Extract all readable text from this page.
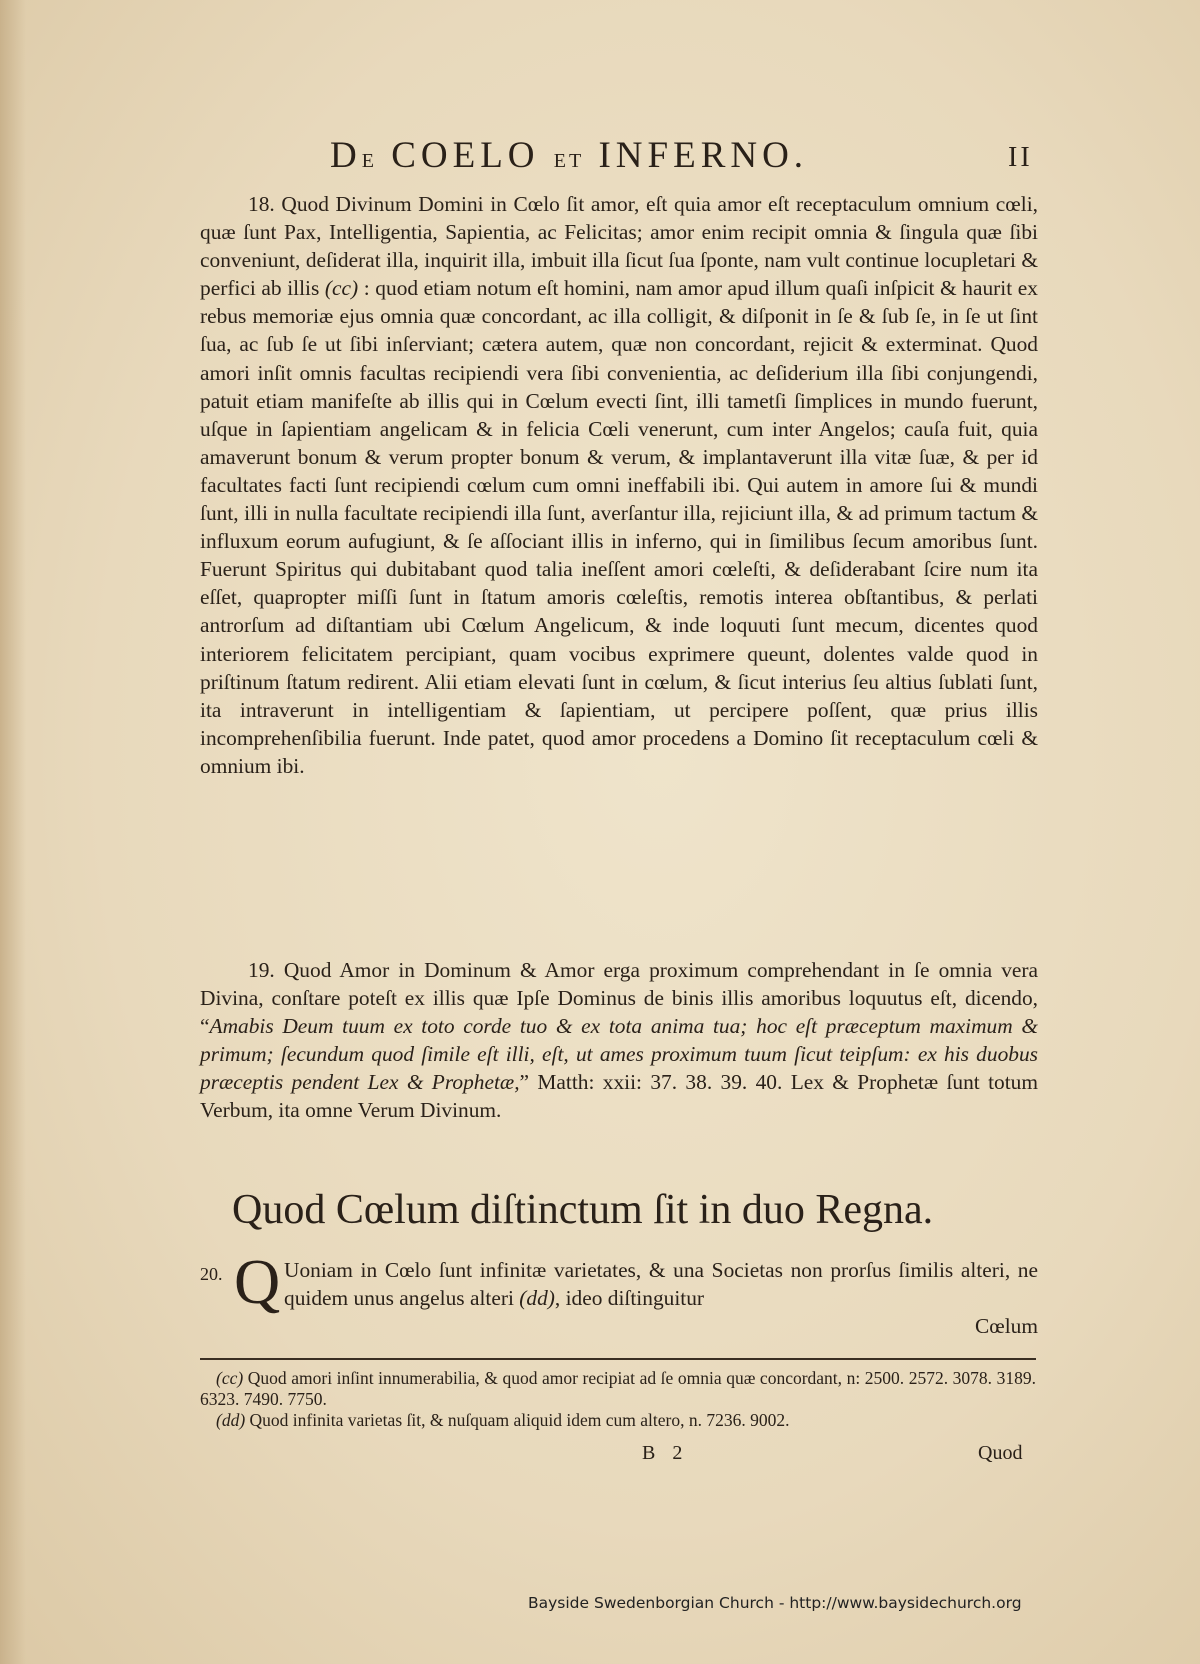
DE COELO ET INFERNO.	II
18. Quod Divinum Domini in Cœlo ſit amor, eſt quia amor eſt receptaculum omnium cœli, quæ ſunt Pax, Intelligentia, Sapientia, ac Felicitas; amor enim recipit omnia & ſingula quæ ſibi conveniunt, deſiderat illa, inquirit illa, imbuit illa ſicut ſua ſponte, nam vult continue locupletari & perfici ab illis (cc) : quod etiam notum eſt homini, nam amor apud illum quaſi inſpicit & haurit ex rebus memoriæ ejus omnia quæ concordant, ac illa colligit, & diſponit in ſe & ſub ſe, in ſe ut ſint ſua, ac ſub ſe ut ſibi inſerviant; cætera autem, quæ non concordant, rejicit & exterminat. Quod amori inſit omnis facultas recipiendi vera ſibi convenientia, ac deſiderium illa ſibi conjungendi, patuit etiam manifeſte ab illis qui in Cœlum evecti ſint, illi tametſi ſimplices in mundo fuerunt, uſque in ſapientiam angelicam & in felicia Cœli venerunt, cum inter Angelos; cauſa fuit, quia amaverunt bonum & verum propter bonum & verum, & implantaverunt illa vitæ ſuæ, & per id facultates facti ſunt recipiendi cœlum cum omni ineffabili ibi. Qui autem in amore ſui & mundi ſunt, illi in nulla facultate recipiendi illa ſunt, averſantur illa, rejiciunt illa, & ad primum tactum & influxum eorum aufugiunt, & ſe aſſociant illis in inferno, qui in ſimilibus ſecum amoribus ſunt. Fuerunt Spiritus qui dubitabant quod talia ineſſent amori cœleſti, & deſiderabant ſcire num ita eſſet, quapropter miſſi ſunt in ſtatum amoris cœleſtis, remotis interea obſtantibus, & perlati antrorſum ad diſtantiam ubi Cœlum Angelicum, & inde loquuti ſunt mecum, dicentes quod interiorem felicitatem percipiant, quam vocibus exprimere queunt, dolentes valde quod in priſtinum ſtatum redirent. Alii etiam elevati ſunt in cœlum, & ſicut interius ſeu altius ſublati ſunt, ita intraverunt in intelligentiam & ſapientiam, ut percipere poſſent, quæ prius illis incomprehenſibilia fuerunt. Inde patet, quod amor procedens a Domino ſit receptaculum cœli & omnium ibi.
19. Quod Amor in Dominum & Amor erga proximum comprehendant in ſe omnia vera Divina, conſtare poteſt ex illis quæ Ipſe Dominus de binis illis amoribus loquutus eſt, dicendo, “Amabis Deum tuum ex toto corde tuo & ex tota anima tua; hoc eſt præceptum maximum & primum; ſecundum quod ſimile eſt illi, eſt, ut ames proximum tuum ſicut teipſum: ex his duobus præceptis pendent Lex & Prophetæ,” Matth: xxii: 37. 38. 39. 40. Lex & Prophetæ ſunt totum Verbum, ita omne Verum Divinum.
Quod Cœlum diſtinctum ſit in duo Regna.
20. Q Uoniam in Cœlo ſunt infinitæ varietates, & una Societas non prorſus ſimilis alteri, ne quidem unus angelus alteri (dd), ideo diſtinguitur
Cœlum
(cc) Quod amori inſint innumerabilia, & quod amor recipiat ad ſe omnia quæ concordant, n: 2500. 2572. 3078. 3189. 6323. 7490. 7750.
(dd) Quod infinita varietas ſit, & nuſquam aliquid idem cum altero, n. 7236. 9002.
B 2	Quod
Bayside Swedenborgian Church - http://www.baysidechurch.org
